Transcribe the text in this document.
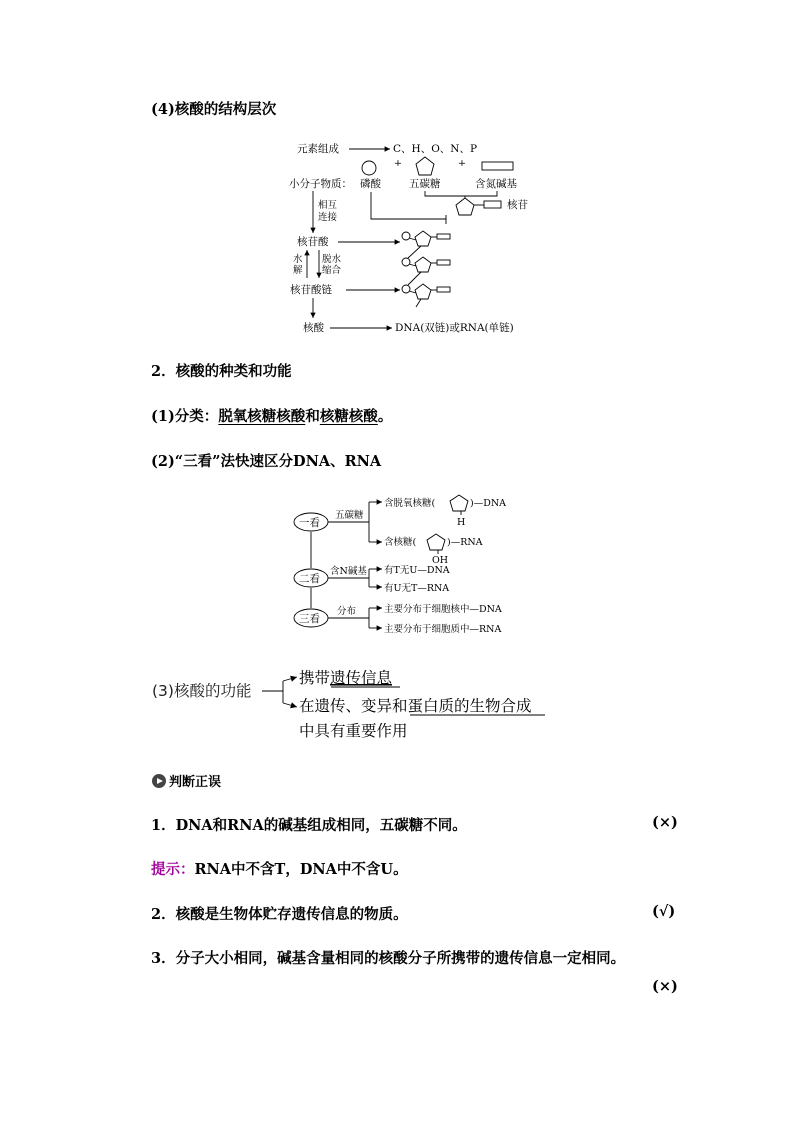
(4)核酸的结构层次
元素组成	C、H、O、N、P
+	+
小分子物质： 磷酸	五碳糖	含氮碱基
核苷
相互
连接
核苷酸
水
解
脱水
缩合
核苷酸链
核酸	DNA(双链)或RNA(单链)
2．核酸的种类和功能
(1)分类：脱氧核糖核酸和核糖核酸。
(2)“三看”法快速区分DNA、RNA
一看
五碳糖
含脱氧核糖(
H
)—DNA
含核糖(
OH
)—RNA
二看
含N碱基 有T无U—DNA
有U无T—RNA
三看
分布	主要分布于细胞核中—DNA
主要分布于细胞质中—RNA
(3)核酸的功能
携带遗传信息
在遗传、变异和蛋白质的生物合成
中具有重要作用
判断正误
1．DNA和RNA的碱基组成相同，五碳糖不同。	(×)
提示：RNA中不含T，DNA中不含U。
2．核酸是生物体贮存遗传信息的物质。	(√)
3．分子大小相同，碱基含量相同的核酸分子所携带的遗传信息一定相同。
(×)
